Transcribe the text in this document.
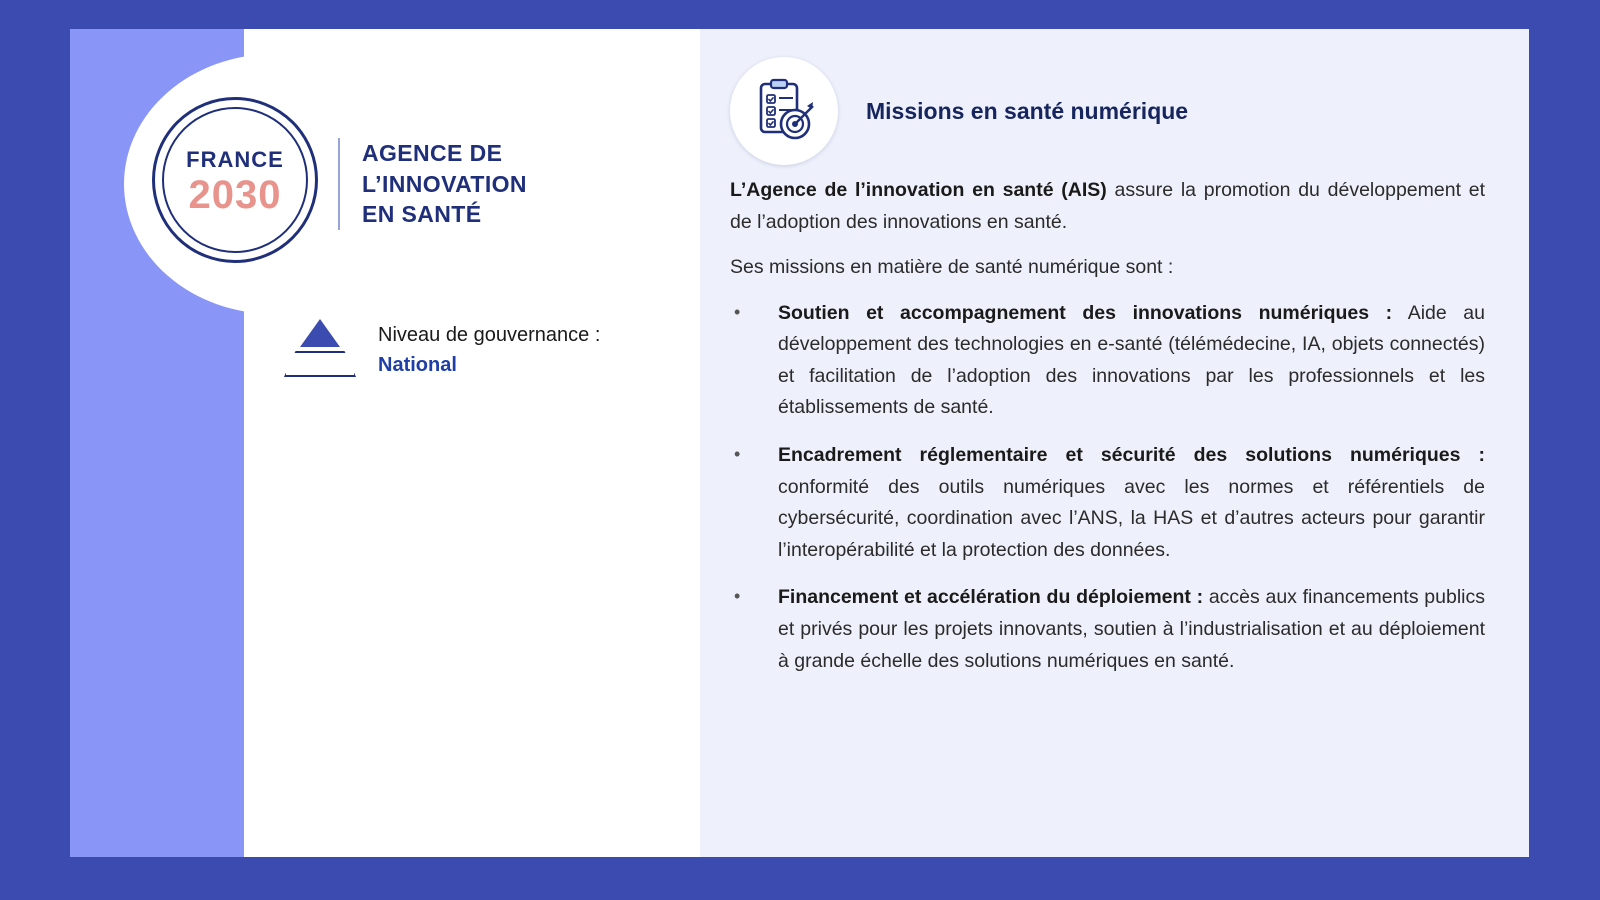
FRANCE
2030
AGENCE DE
L’INNOVATION
EN SANTÉ
Niveau de gouvernance :
National
Missions en santé numérique

L’Agence de l’innovation en santé (AIS) assure la promotion du développement et de l’adoption des innovations en santé.

Ses missions en matière de santé numérique sont :

• Soutien et accompagnement des innovations numériques : Aide au développement des technologies en e-santé (télémédecine, IA, objets connectés) et facilitation de l’adoption des innovations par les professionnels et les établissements de santé.
• Encadrement réglementaire et sécurité des solutions numériques : conformité des outils numériques avec les normes et référentiels de cybersécurité, coordination avec l’ANS, la HAS et d’autres acteurs pour garantir l’interopérabilité et la protection des données.
• Financement et accélération du déploiement : accès aux financements publics et privés pour les projets innovants, soutien à l’industrialisation et au déploiement à grande échelle des solutions numériques en santé.
